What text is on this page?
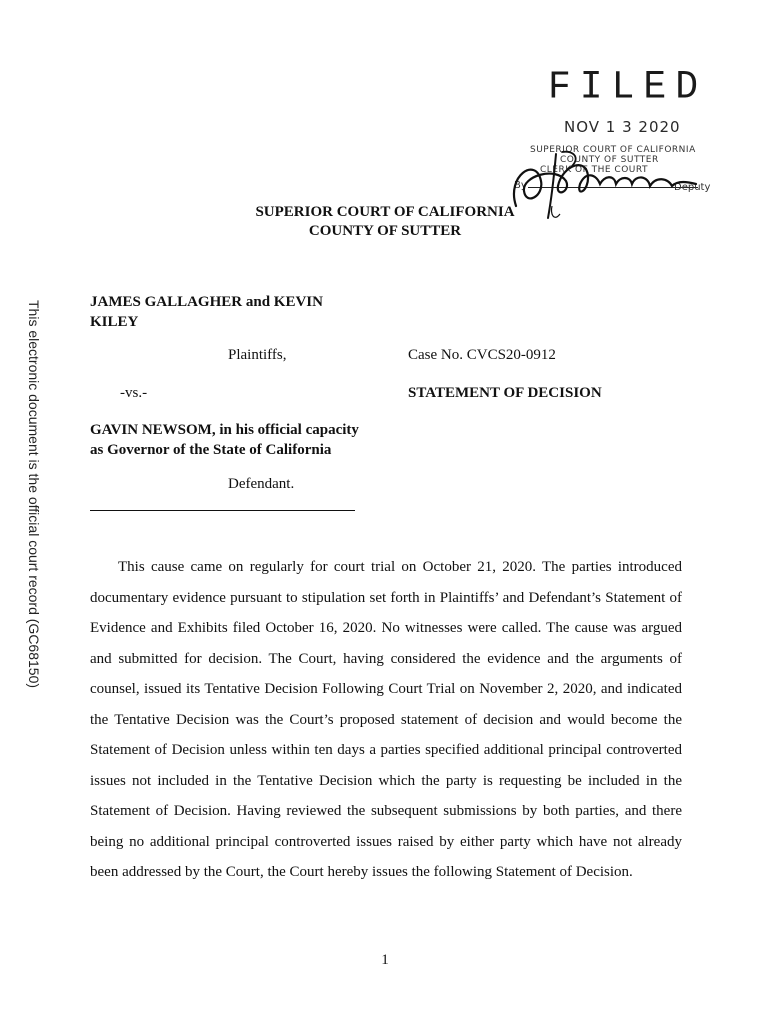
FILED
NOV 1 3 2020
SUPERIOR COURT OF CALIFORNIA
COUNTY OF SUTTER
CLERK OF THE COURT
By	Deputy
This electronic document is the official court record (GC68150)
SUPERIOR COURT OF CALIFORNIA
COUNTY OF SUTTER
JAMES GALLAGHER and KEVIN
KILEY
Plaintiffs,	Case No. CVCS20-0912
-vs.-	STATEMENT OF DECISION
GAVIN NEWSOM, in his official capacity
as Governor of the State of California
Defendant.

This cause came on regularly for court trial on October 21, 2020. The parties introduced documentary evidence pursuant to stipulation set forth in Plaintiffs’ and Defendant’s Statement of Evidence and Exhibits filed October 16, 2020. No witnesses were called. The cause was argued and submitted for decision. The Court, having considered the evidence and the arguments of counsel, issued its Tentative Decision Following Court Trial on November 2, 2020, and indicated the Tentative Decision was the Court’s proposed statement of decision and would become the Statement of Decision unless within ten days a parties specified additional principal controverted issues not included in the Tentative Decision which the party is requesting be included in the Statement of Decision. Having reviewed the subsequent submissions by both parties, and there being no additional principal controverted issues raised by either party which have not already been addressed by the Court, the Court hereby issues the following Statement of Decision.

1
